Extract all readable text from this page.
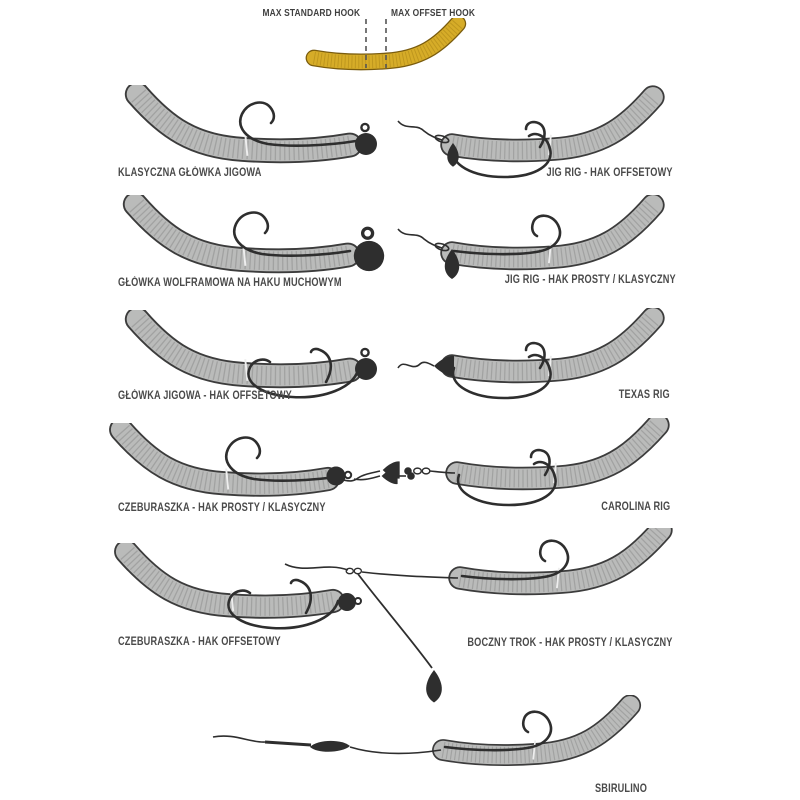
MAX STANDARD HOOK	MAX OFFSET HOOK
KLASYCZNA GŁÓWKA JIGOWA
GŁÓWKA WOLFRAMOWA NA HAKU MUCHOWYM
GŁÓWKA JIGOWA - HAK OFFSETOWY
CZEBURASZKA - HAK PROSTY / KLASYCZNY
CZEBURASZKA - HAK OFFSETOWY
JIG RIG - HAK OFFSETOWY
JIG RIG - HAK PROSTY / KLASYCZNY
TEXAS RIG
CAROLINA RIG
BOCZNY TROK - HAK PROSTY / KLASYCZNY
SBIRULINO
